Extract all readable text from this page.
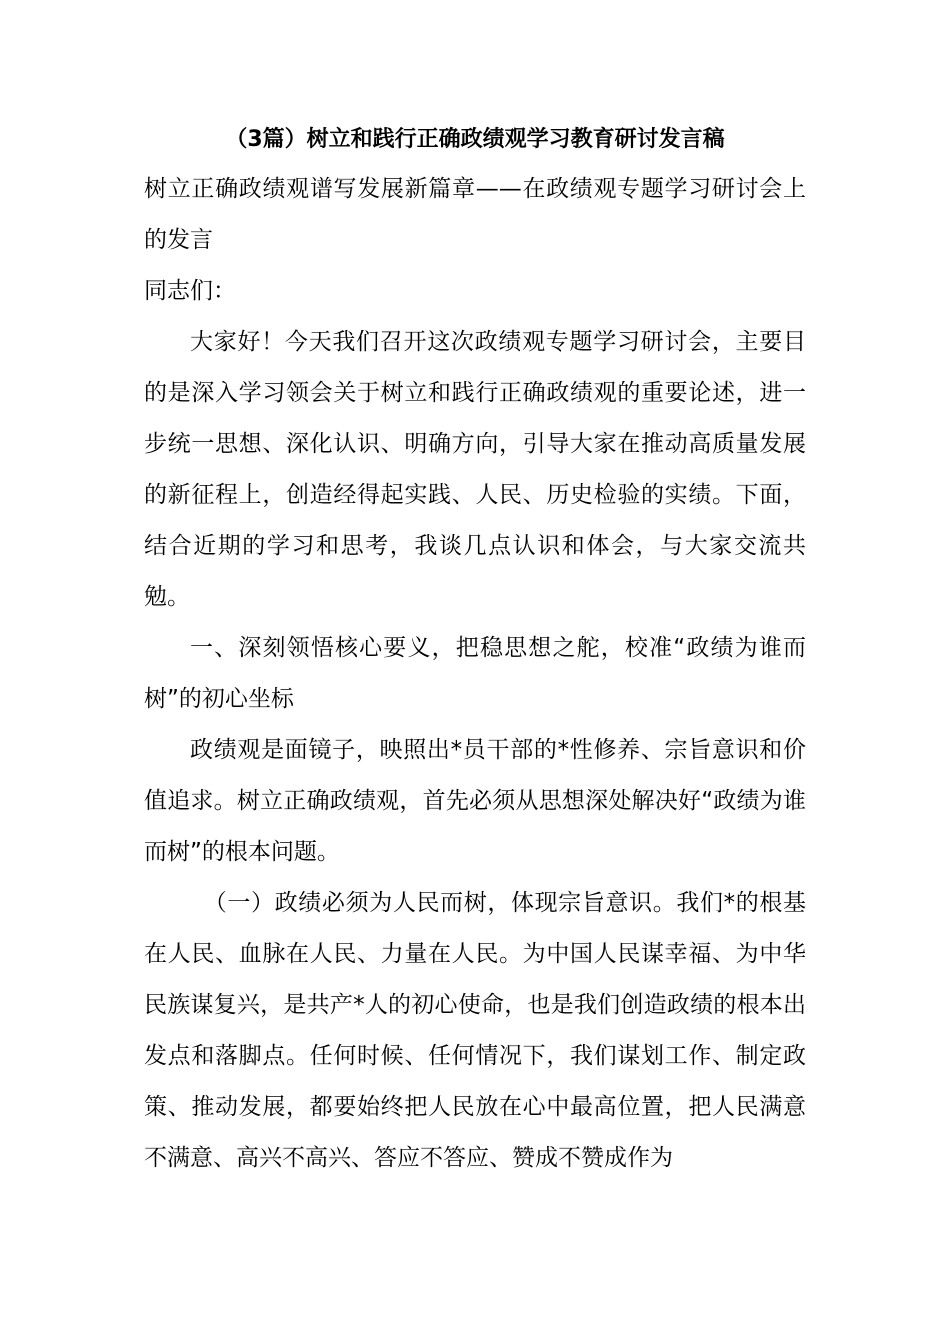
（3篇）树立和践行正确政绩观学习教育研讨发言稿

树立正确政绩观谱写发展新篇章——在政绩观专题学习研讨会上的发言

同志们：

大家好！今天我们召开这次政绩观专题学习研讨会，主要目的是深入学习领会关于树立和践行正确政绩观的重要论述，进一步统一思想、深化认识、明确方向，引导大家在推动高质量发展的新征程上，创造经得起实践、人民、历史检验的实绩。下面，结合近期的学习和思考，我谈几点认识和体会，与大家交流共勉。

一、深刻领悟核心要义，把稳思想之舵，校准“政绩为谁而树”的初心坐标

政绩观是面镜子，映照出*员干部的*性修养、宗旨意识和价值追求。树立正确政绩观，首先必须从思想深处解决好“政绩为谁而树”的根本问题。

（一）政绩必须为人民而树，体现宗旨意识。我们*的根基在人民、血脉在人民、力量在人民。为中国人民谋幸福、为中华民族谋复兴，是共产*人的初心使命，也是我们创造政绩的根本出发点和落脚点。任何时候、任何情况下，我们谋划工作、制定政策、推动发展，都要始终把人民放在心中最高位置，把人民满意不满意、高兴不高兴、答应不答应、赞成不赞成作为
